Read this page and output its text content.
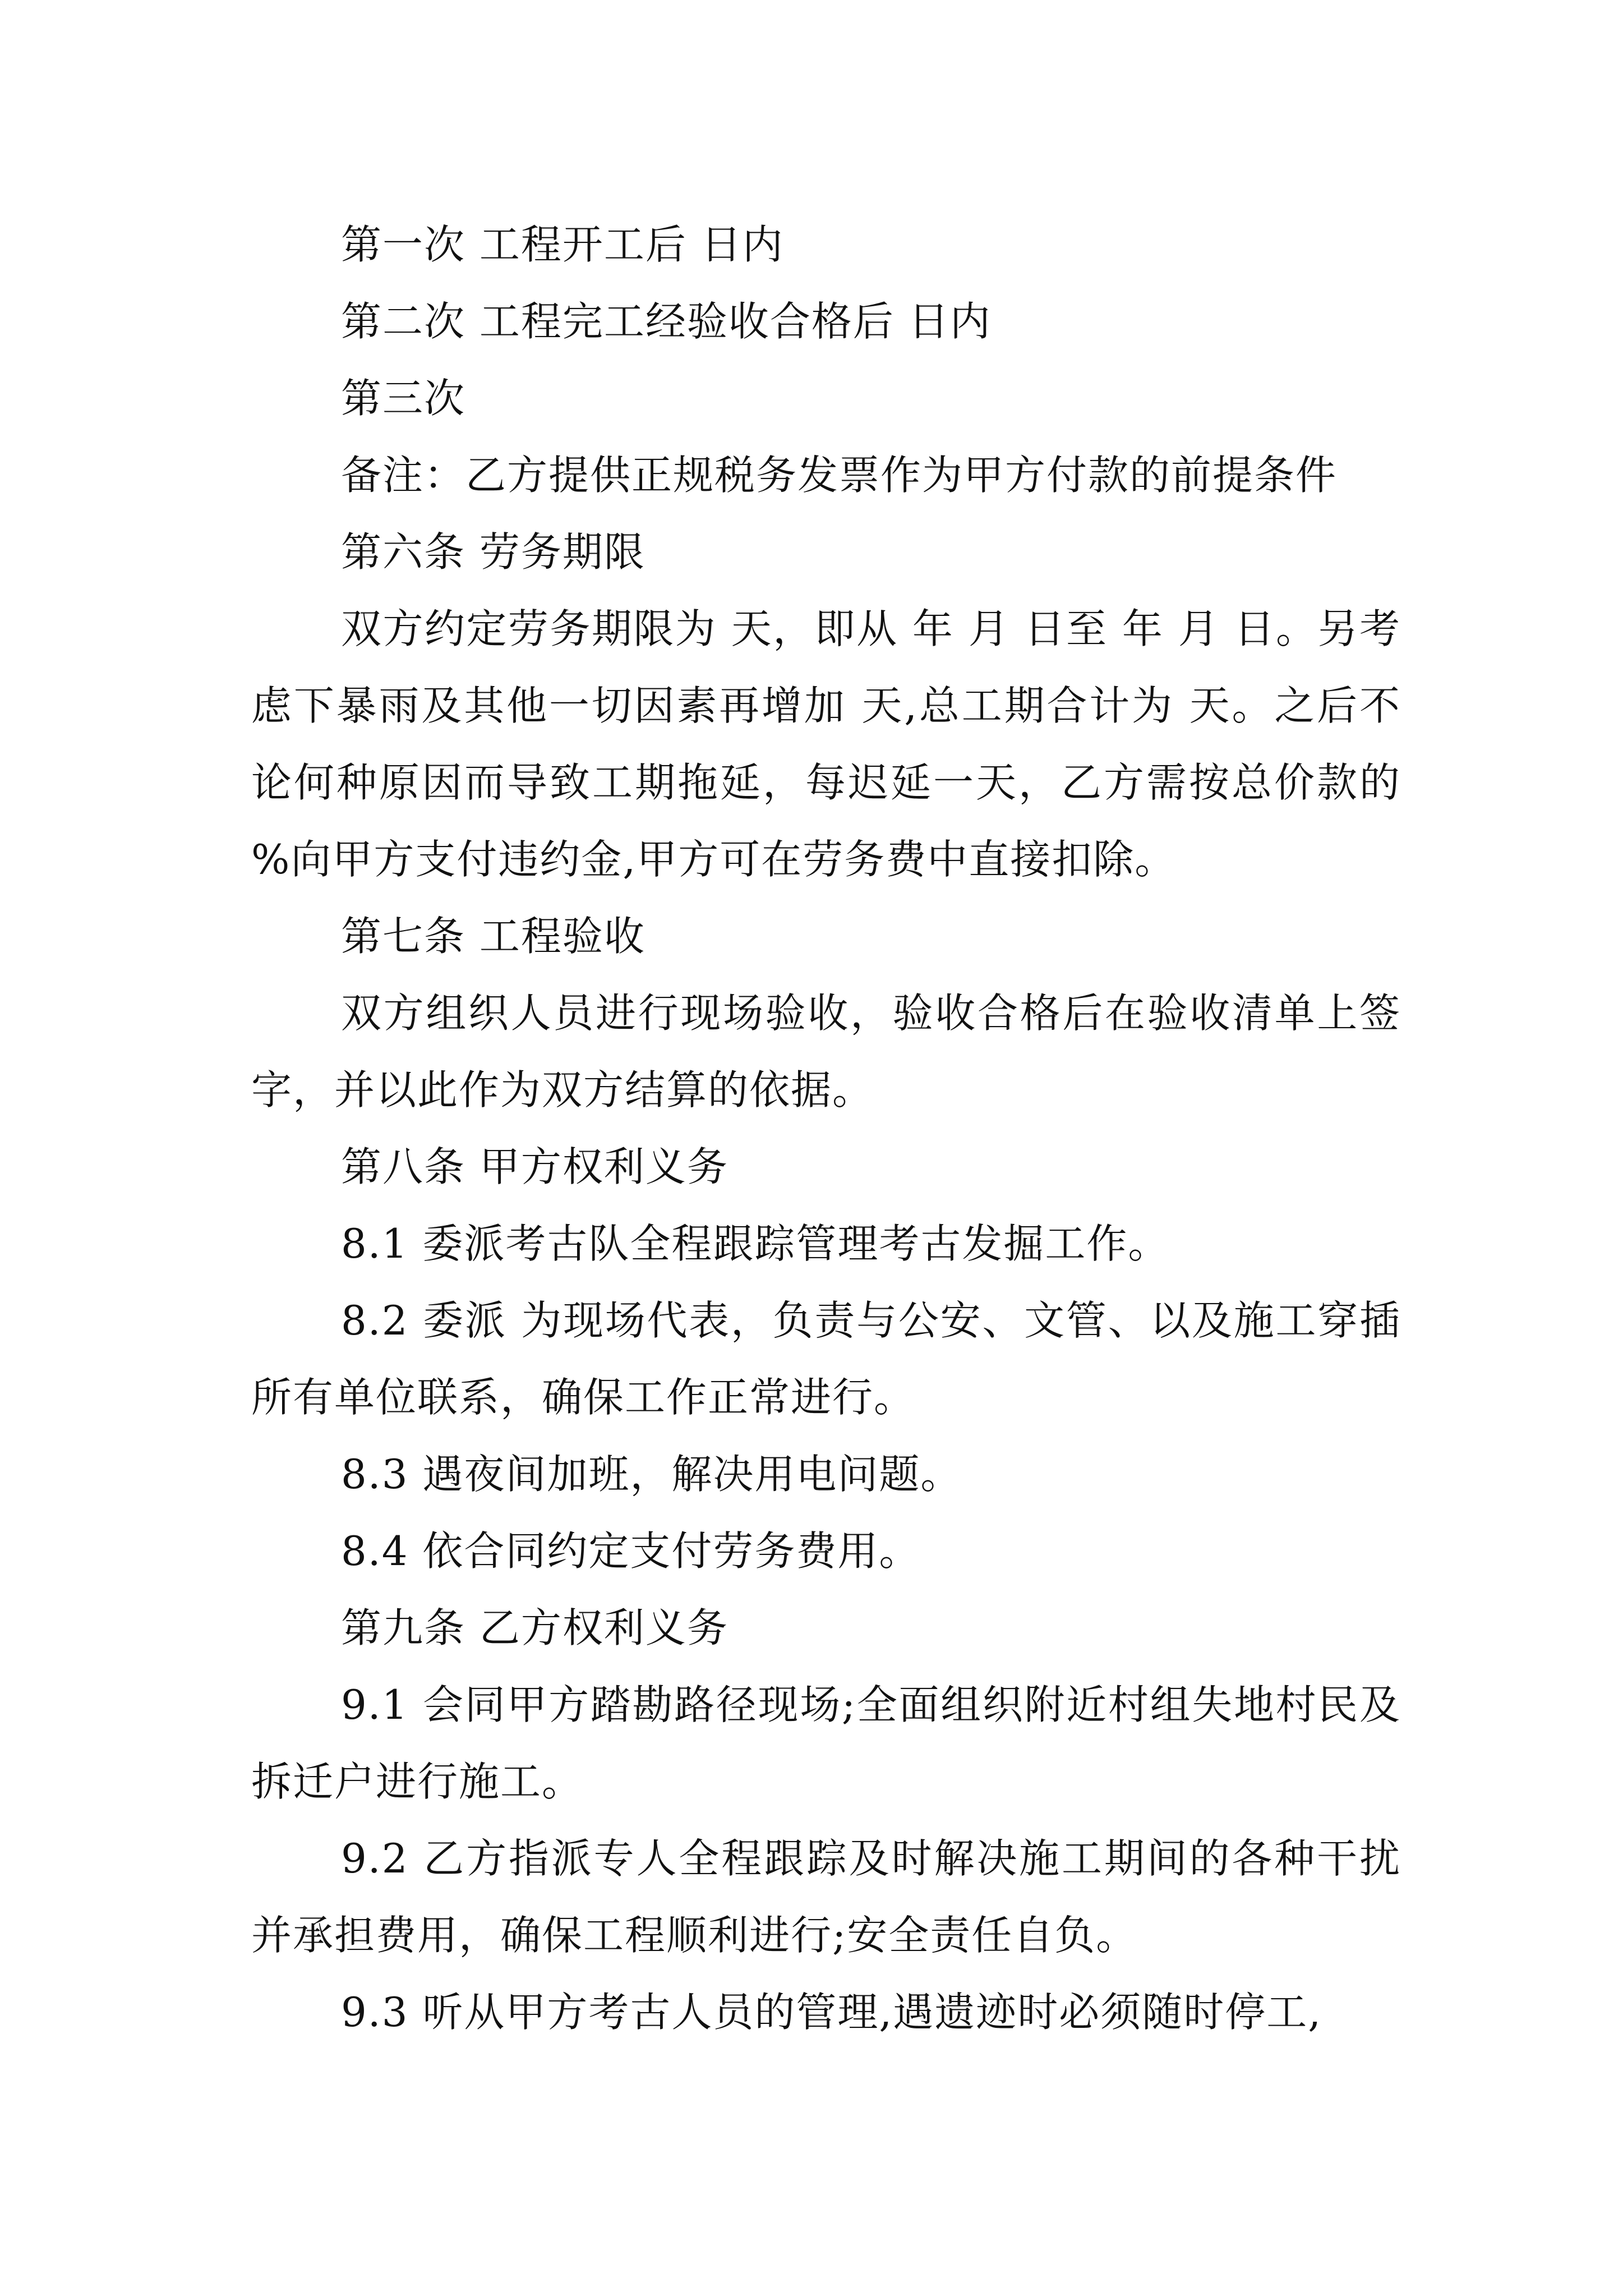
第一次 工程开工后 日内

第二次 工程完工经验收合格后 日内

第三次

备注：乙方提供正规税务发票作为甲方付款的前提条件

第六条 劳务期限

双方约定劳务期限为 天，即从 年 月 日至 年 月 日。另考虑下暴雨及其他一切因素再增加 天,总工期合计为 天。之后不论何种原因而导致工期拖延，每迟延一天，乙方需按总价款的 %向甲方支付违约金,甲方可在劳务费中直接扣除。

第七条 工程验收

双方组织人员进行现场验收，验收合格后在验收清单上签字，并以此作为双方结算的依据。

第八条 甲方权利义务

8.1 委派考古队全程跟踪管理考古发掘工作。

8.2 委派 为现场代表，负责与公安、文管、以及施工穿插所有单位联系，确保工作正常进行。

8.3 遇夜间加班，解决用电问题。

8.4 依合同约定支付劳务费用。

第九条 乙方权利义务

9.1 会同甲方踏勘路径现场;全面组织附近村组失地村民及拆迁户进行施工。

9.2 乙方指派专人全程跟踪及时解决施工期间的各种干扰并承担费用，确保工程顺利进行;安全责任自负。

9.3 听从甲方考古人员的管理,遇遗迹时必须随时停工,
